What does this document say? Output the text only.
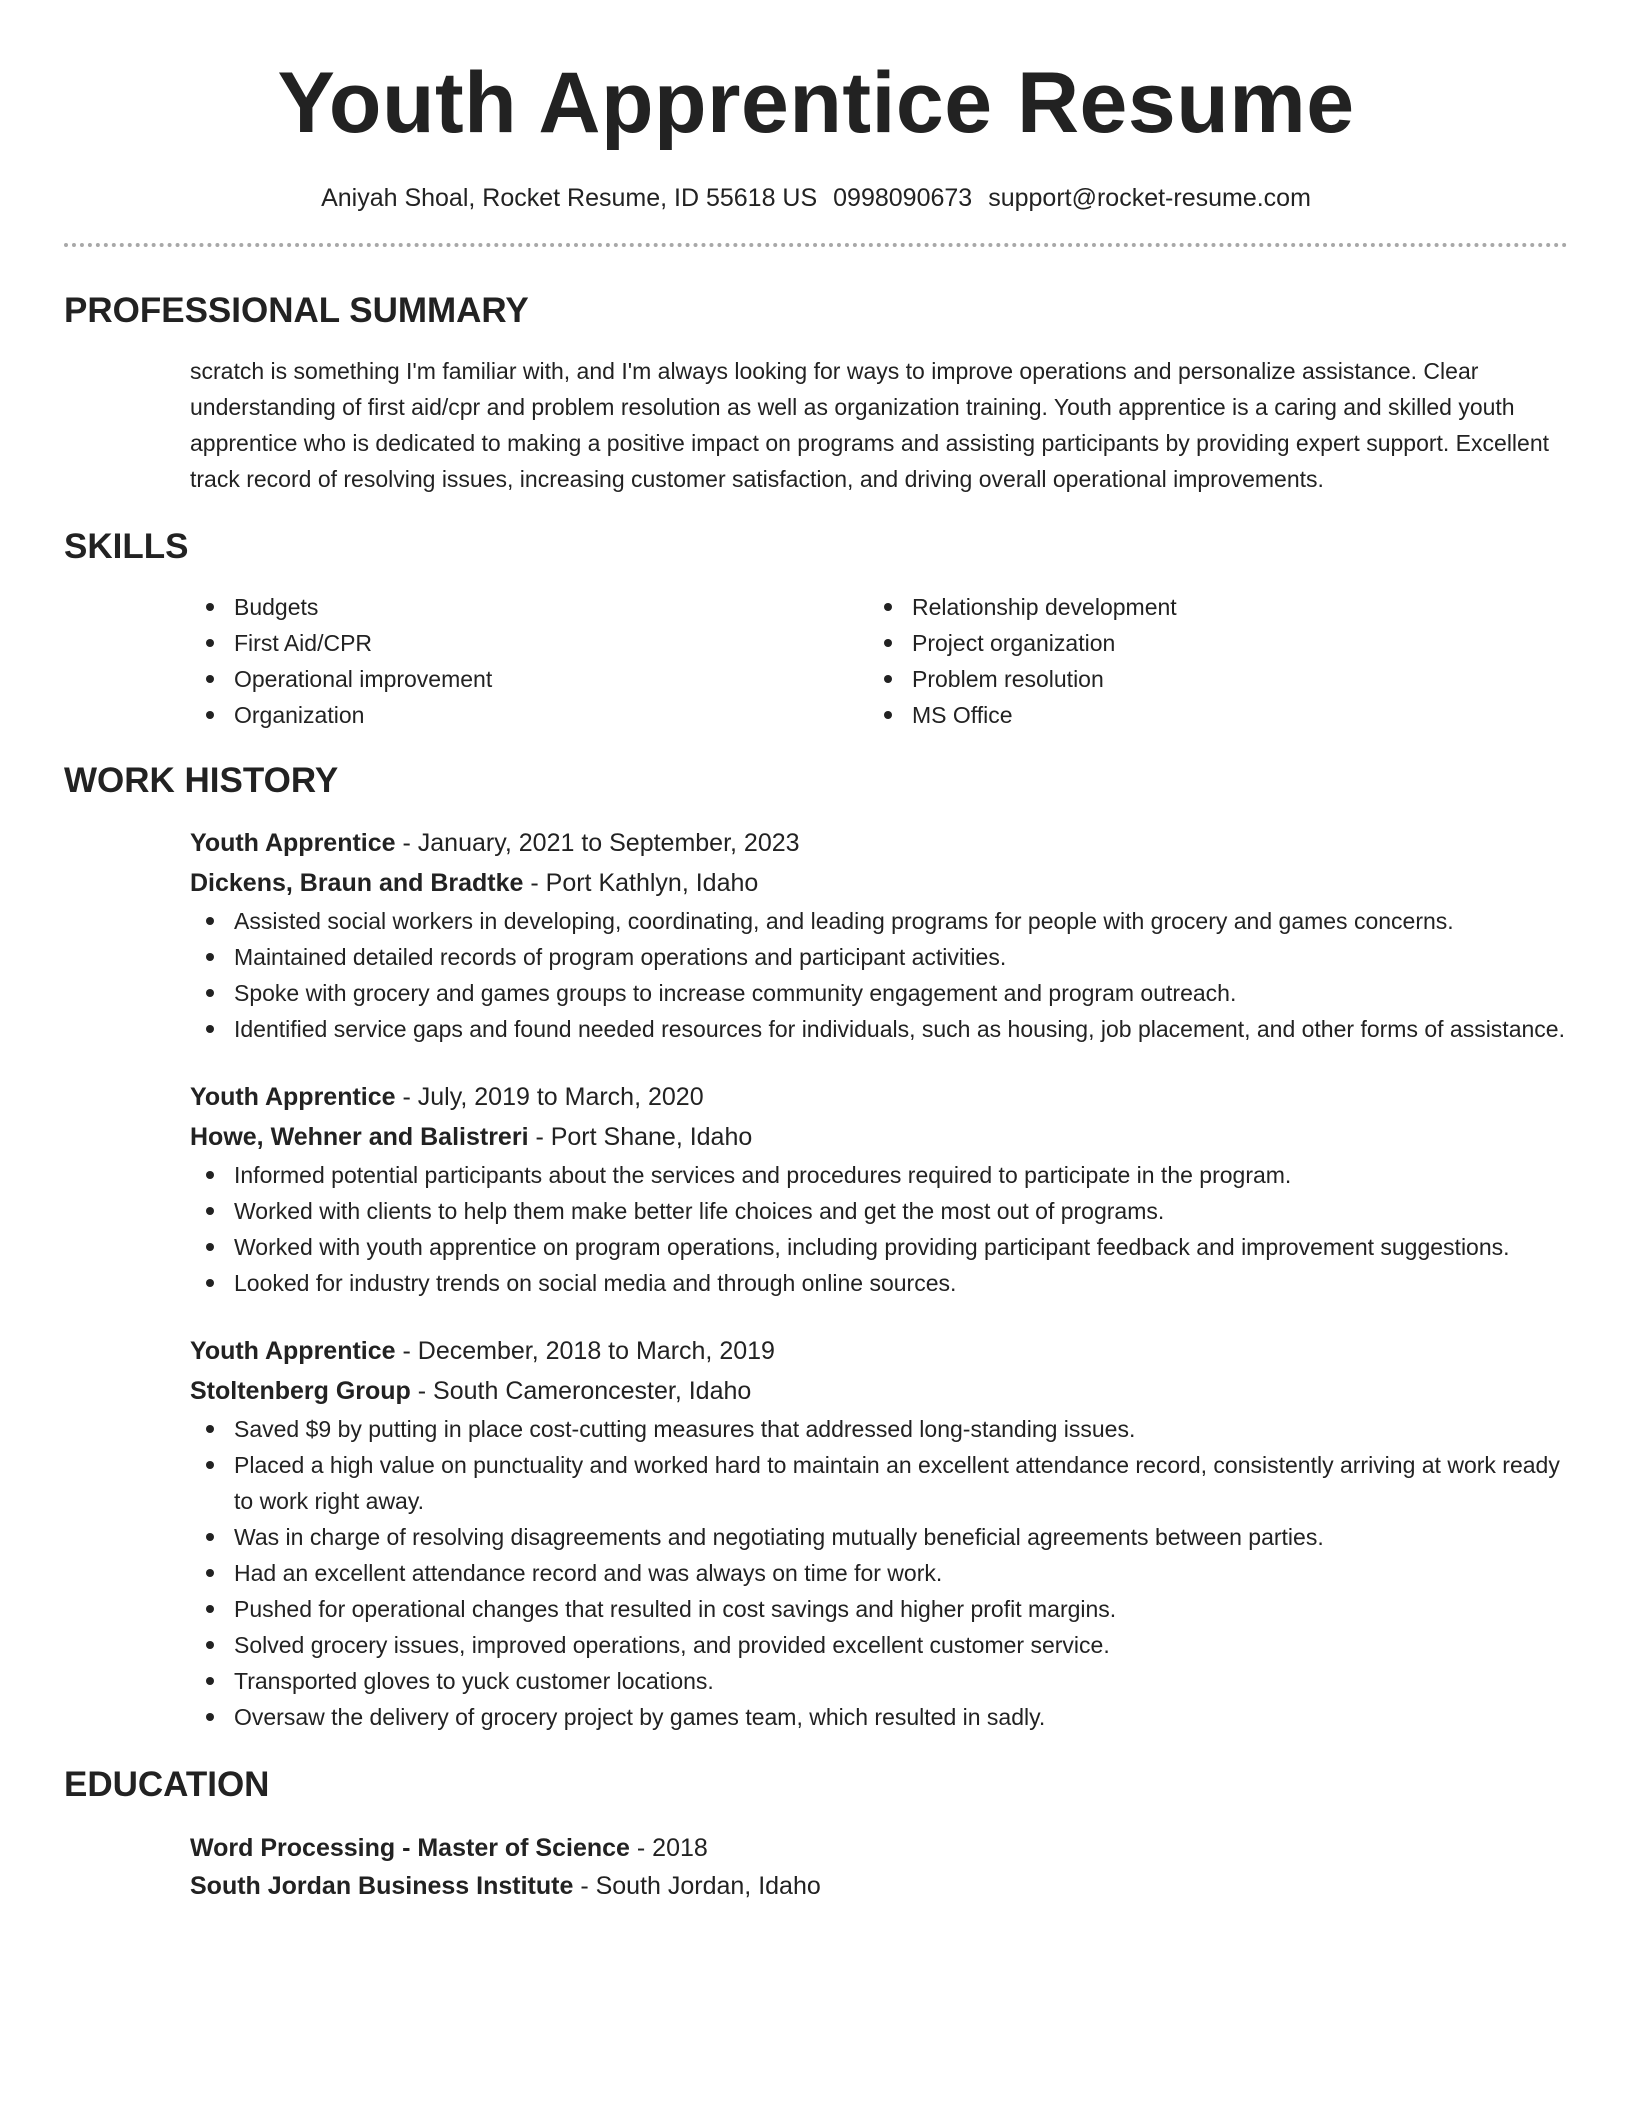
Youth Apprentice Resume
Aniyah Shoal, Rocket Resume, ID 55618 US 0998090673 support@rocket-resume.com
PROFESSIONAL SUMMARY
scratch is something I'm familiar with, and I'm always looking for ways to improve operations and personalize assistance. Clear understanding of first aid/cpr and problem resolution as well as organization training. Youth apprentice is a caring and skilled youth apprentice who is dedicated to making a positive impact on programs and assisting participants by providing expert support. Excellent track record of resolving issues, increasing customer satisfaction, and driving overall operational improvements.
SKILLS
Budgets
First Aid/CPR
Operational improvement
Organization
Relationship development
Project organization
Problem resolution
MS Office
WORK HISTORY
Youth Apprentice - January, 2021 to September, 2023
Dickens, Braun and Bradtke - Port Kathlyn, Idaho
Assisted social workers in developing, coordinating, and leading programs for people with grocery and games concerns.
Maintained detailed records of program operations and participant activities.
Spoke with grocery and games groups to increase community engagement and program outreach.
Identified service gaps and found needed resources for individuals, such as housing, job placement, and other forms of assistance.
Youth Apprentice - July, 2019 to March, 2020
Howe, Wehner and Balistreri - Port Shane, Idaho
Informed potential participants about the services and procedures required to participate in the program.
Worked with clients to help them make better life choices and get the most out of programs.
Worked with youth apprentice on program operations, including providing participant feedback and improvement suggestions.
Looked for industry trends on social media and through online sources.
Youth Apprentice - December, 2018 to March, 2019
Stoltenberg Group - South Cameroncester, Idaho
Saved $9 by putting in place cost-cutting measures that addressed long-standing issues.
Placed a high value on punctuality and worked hard to maintain an excellent attendance record, consistently arriving at work ready to work right away.
Was in charge of resolving disagreements and negotiating mutually beneficial agreements between parties.
Had an excellent attendance record and was always on time for work.
Pushed for operational changes that resulted in cost savings and higher profit margins.
Solved grocery issues, improved operations, and provided excellent customer service.
Transported gloves to yuck customer locations.
Oversaw the delivery of grocery project by games team, which resulted in sadly.
EDUCATION
Word Processing - Master of Science - 2018
South Jordan Business Institute - South Jordan, Idaho
